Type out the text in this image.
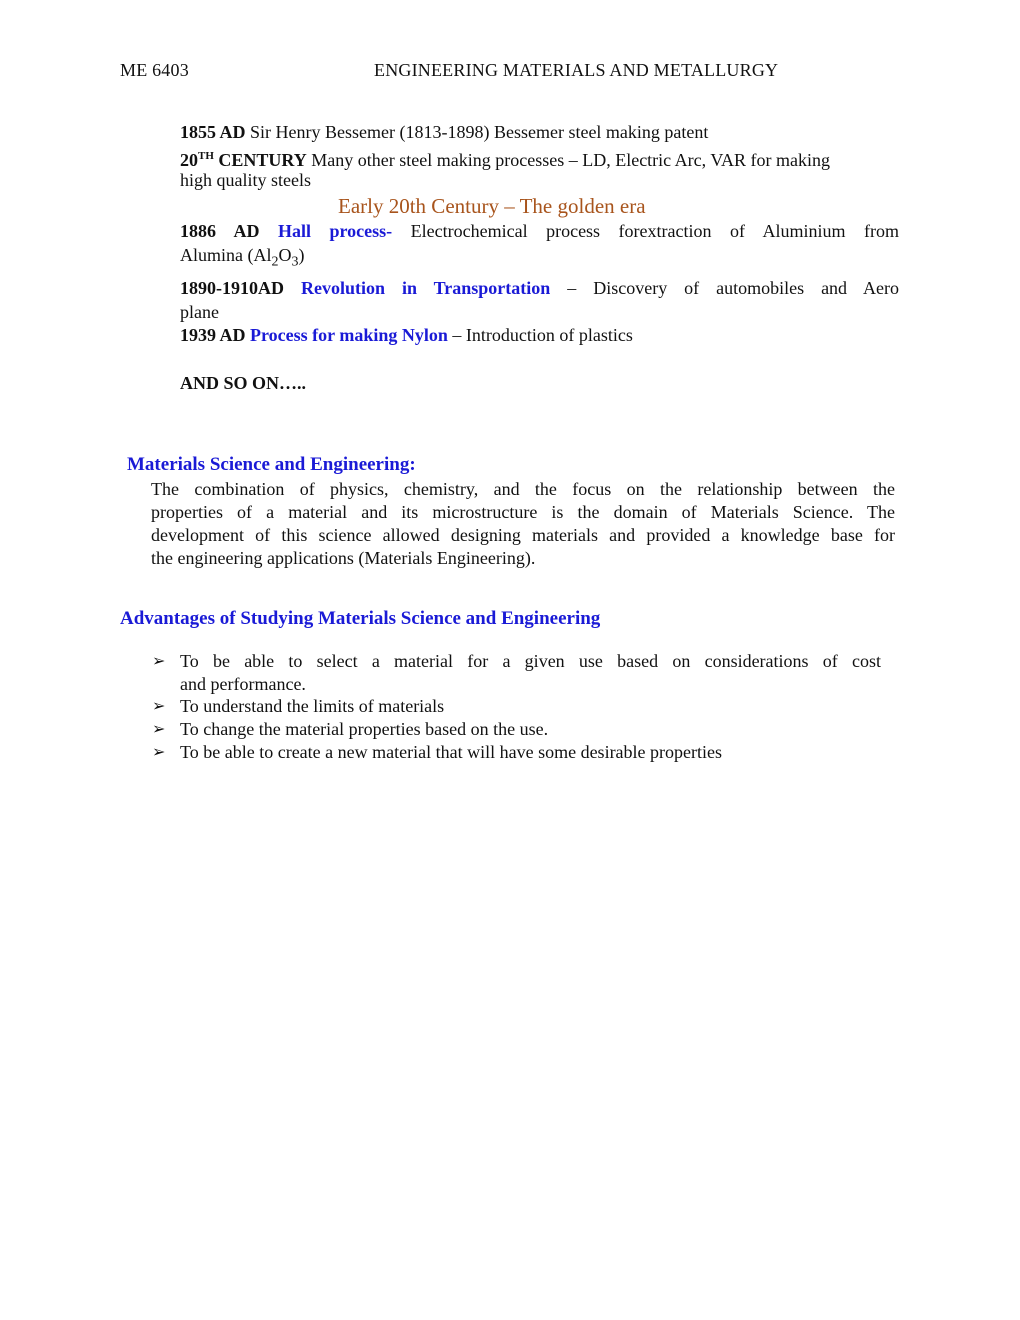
ME 6403	ENGINEERING MATERIALS AND METALLURGY
1855 AD Sir Henry Bessemer (1813-1898) Bessemer steel making patent
20TH CENTURY Many other steel making processes – LD, Electric Arc, VAR for making
high quality steels
Early 20th Century – The golden era
1886 AD Hall process- Electrochemical process forextraction of Aluminium from
Alumina $(Al_2O_3)$
1890-1910AD Revolution in Transportation – Discovery of automobiles and Aero
plane
1939 AD Process for making Nylon – Introduction of plastics
AND SO ON…..
Materials Science and Engineering:
The combination of physics, chemistry, and the focus on the relationship between the
properties of a material and its microstructure is the domain of Materials Science. The
development of this science allowed designing materials and provided a knowledge base for
the engineering applications (Materials Engineering).
Advantages of Studying Materials Science and Engineering
➢ To be able to select a material for a given use based on considerations of cost
and performance.
➢ To understand the limits of materials
➢ To change the material properties based on the use.
➢ To be able to create a new material that will have some desirable properties
